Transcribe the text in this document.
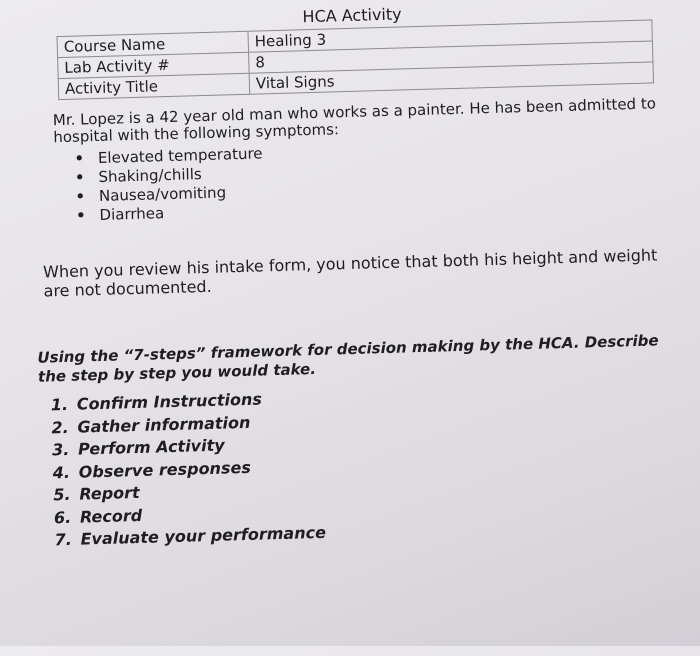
HCA Activity
Course Name	Healing 3
Lab Activity #	8
Activity Title	Vital Signs
Mr. Lopez is a 42 year old man who works as a painter. He has been admitted to hospital with the following symptoms:
• Elevated temperature
• Shaking/chills
• Nausea/vomiting
• Diarrhea
When you review his intake form, you notice that both his height and weight are not documented.
Using the “7-steps” framework for decision making by the HCA. Describe the step by step you would take.
1. Confirm Instructions
2. Gather information
3. Perform Activity
4. Observe responses
5. Report
6. Record
7. Evaluate your performance
